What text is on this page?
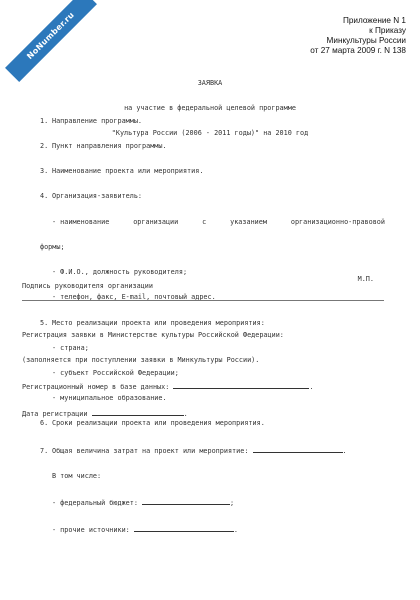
NoNumber.ru	Приложение N 1
к Приказу
Минкультуры России
от 27 марта 2009 г. N 138

ЗАЯВКА

на участие в федеральной целевой программе

"Культура России (2006 - 2011 годы)" на 2010 год

1. Направление программы.

2. Пункт направления программы.

3. Наименование проекта или мероприятия.

4. Организация-заявитель:

- наименование	организации	с	указанием	организационно-правовой

формы;

- Ф.И.О., должность руководителя;

- телефон, факс, E-mail, почтовый адрес.

5. Место реализации проекта или проведения мероприятия:

- страна;

- субъект Российской Федерации;

- муниципальное образование.

6. Сроки реализации проекта или проведения мероприятия.

7. Общая величина затрат на проект или мероприятие:
	.

В том числе:

- федеральный бюджет:
	;

- прочие источники:
	.

Подпись руководителя организации

М.П.

Регистрация заявки в Министерстве культуры Российской Федерации:

(заполняется при поступлении заявки в Минкультуры России).

Регистрационный номер в базе данных:
	.

Дата регистрации
	.
